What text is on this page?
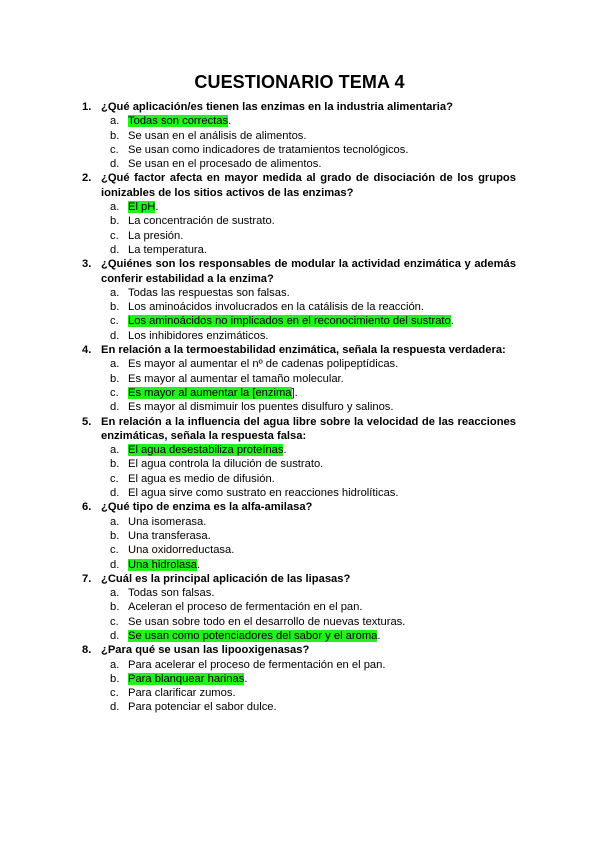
CUESTIONARIO TEMA 4
1. ¿Qué aplicación/es tienen las enzimas en la industria alimentaria?
a. Todas son correctas.
b. Se usan en el análisis de alimentos.
c. Se usan como indicadores de tratamientos tecnológicos.
d. Se usan en el procesado de alimentos.
2. ¿Qué factor afecta en mayor medida al grado de disociación de los grupos ionizables de los sitios activos de las enzimas?
a. El pH.
b. La concentración de sustrato.
c. La presión.
d. La temperatura.
3. ¿Quiénes son los responsables de modular la actividad enzimática y además conferir estabilidad a la enzima?
a. Todas las respuestas son falsas.
b. Los aminoácidos involucrados en la catálisis de la reacción.
c. Los aminoácidos no implicados en el reconocimiento del sustrato.
d. Los inhibidores enzimáticos.
4. En relación a la termoestabilidad enzimática, señala la respuesta verdadera:
a. Es mayor al aumentar el nº de cadenas polipeptídicas.
b. Es mayor al aumentar el tamaño molecular.
c. Es mayor al aumentar la [enzima].
d. Es mayor al dismimuir los puentes disulfuro y salinos.
5. En relación a la influencia del agua libre sobre la velocidad de las reacciones enzimáticas, señala la respuesta falsa:
a. El agua desestabiliza proteínas.
b. El agua controla la dilución de sustrato.
c. El agua es medio de difusión.
d. El agua sirve como sustrato en reacciones hidrolíticas.
6. ¿Qué tipo de enzima es la alfa-amilasa?
a. Una isomerasa.
b. Una transferasa.
c. Una oxidorreductasa.
d. Una hidrolasa.
7. ¿Cuál es la principal aplicación de las lipasas?
a. Todas son falsas.
b. Aceleran el proceso de fermentación en el pan.
c. Se usan sobre todo en el desarrollo de nuevas texturas.
d. Se usan como potenciadores del sabor y el aroma.
8. ¿Para qué se usan las lipooxigenasas?
a. Para acelerar el proceso de fermentación en el pan.
b. Para blanquear harinas.
c. Para clarificar zumos.
d. Para potenciar el sabor dulce.
